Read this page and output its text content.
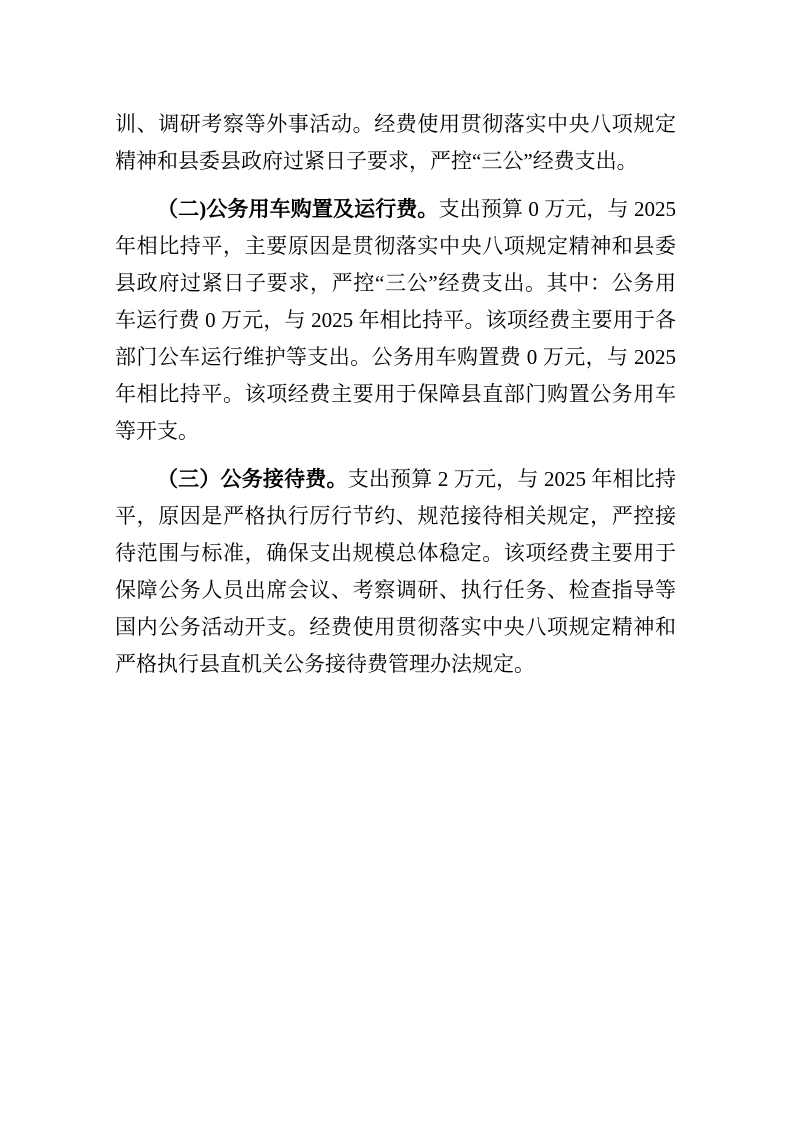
训、调研考察等外事活动。经费使用贯彻落实中央八项规定精神和县委县政府过紧日子要求，严控“三公”经费支出。

（二)公务用车购置及运行费。支出预算 0 万元，与 2025 年相比持平，主要原因是贯彻落实中央八项规定精神和县委县政府过紧日子要求，严控“三公”经费支出。其中：公务用车运行费 0 万元，与 2025 年相比持平。该项经费主要用于各部门公车运行维护等支出。公务用车购置费 0 万元，与 2025 年相比持平。该项经费主要用于保障县直部门购置公务用车等开支。

（三）公务接待费。支出预算 2 万元，与 2025 年相比持平，原因是严格执行厉行节约、规范接待相关规定，严控接待范围与标准，确保支出规模总体稳定。该项经费主要用于保障公务人员出席会议、考察调研、执行任务、检查指导等国内公务活动开支。经费使用贯彻落实中央八项规定精神和严格执行县直机关公务接待费管理办法规定。
